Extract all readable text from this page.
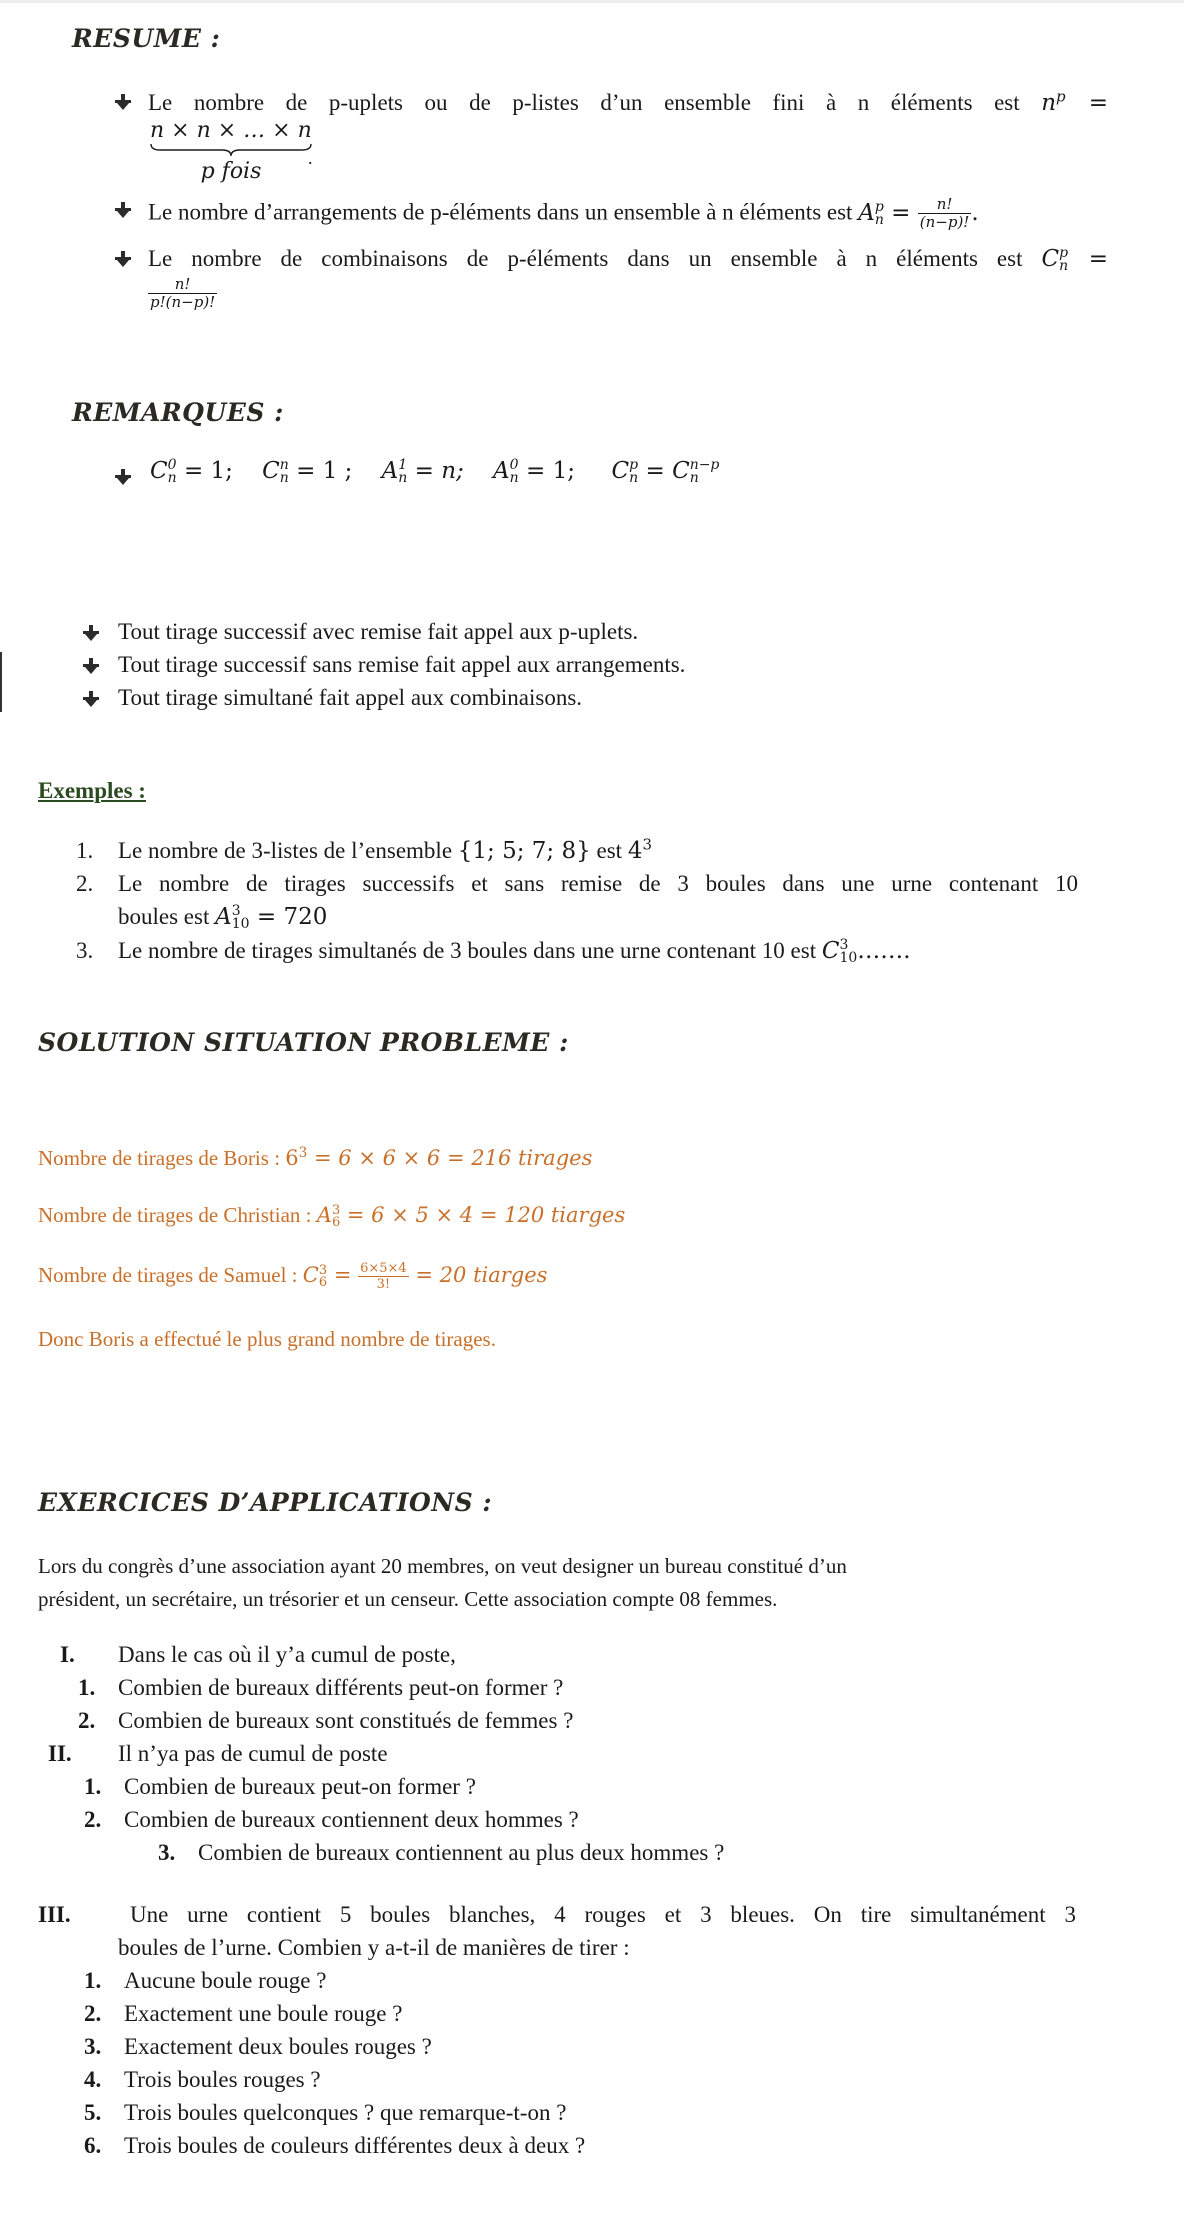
RESUME :
Le nombre de p-uplets ou de p-listes d’un ensemble fini à n éléments est $n^p$ =
n × n × … × n
p fois
.
Le nombre d’arrangements de p-éléments dans un ensemble à n éléments est A p
$n = \frac{n!}{(n-p)!}$ .
Le nombre de combinaisons de p-éléments dans un ensemble à n éléments est C p
n =
$\frac{n!}{p!(n-p)!}$
REMARQUES :
C 0
n = 1; C n
n = 1 ; A 1
n = n; A 0
n = 1; C p
n = C n−p
n
Tout tirage successif avec remise fait appel aux p-uplets.
Tout tirage successif sans remise fait appel aux arrangements.
Tout tirage simultané fait appel aux combinaisons.
Exemples :
1. Le nombre de 3-listes de l’ensemble {1; 5; 7; 8} est $4^3$
2. Le nombre de tirages successifs et sans remise de 3 boules dans une urne contenant 10
boules est A 3
10 = 720
3. Le nombre de tirages simultanés de 3 boules dans une urne contenant 10 est C 3
10 …….
SOLUTION SITUATION PROBLEME :
Nombre de tirages de Boris : $6^3 = 6 \times 6 \times 6 = 216$ tirages
Nombre de tirages de Christian : A 3
6 = 6 × 5 × 4 = 120 tiarges
Nombre de tirages de Samuel : C 3
$6 = \frac{6\times 5\times 4}{3!} = 20$ tiarges
Donc Boris a effectué le plus grand nombre de tirages.
EXERCICES D’APPLICATIONS :
Lors du congrès d’une association ayant 20 membres, on veut designer un bureau constitué d’un
président, un secrétaire, un trésorier et un censeur. Cette association compte 08 femmes.
I. Dans le cas où il y’a cumul de poste,
1. Combien de bureaux différents peut-on former ?
2. Combien de bureaux sont constitués de femmes ?
II. Il n’ya pas de cumul de poste
1. Combien de bureaux peut-on former ?
2. Combien de bureaux contiennent deux hommes ?
3. Combien de bureaux contiennent au plus deux hommes ?
III.	Une urne contient 5 boules blanches, 4 rouges et 3 bleues. On tire simultanément 3
boules de l’urne. Combien y a-t-il de manières de tirer :
1. Aucune boule rouge ?
2. Exactement une boule rouge ?
3. Exactement deux boules rouges ?
4. Trois boules rouges ?
5. Trois boules quelconques ? que remarque-t-on ?
6. Trois boules de couleurs différentes deux à deux ?
